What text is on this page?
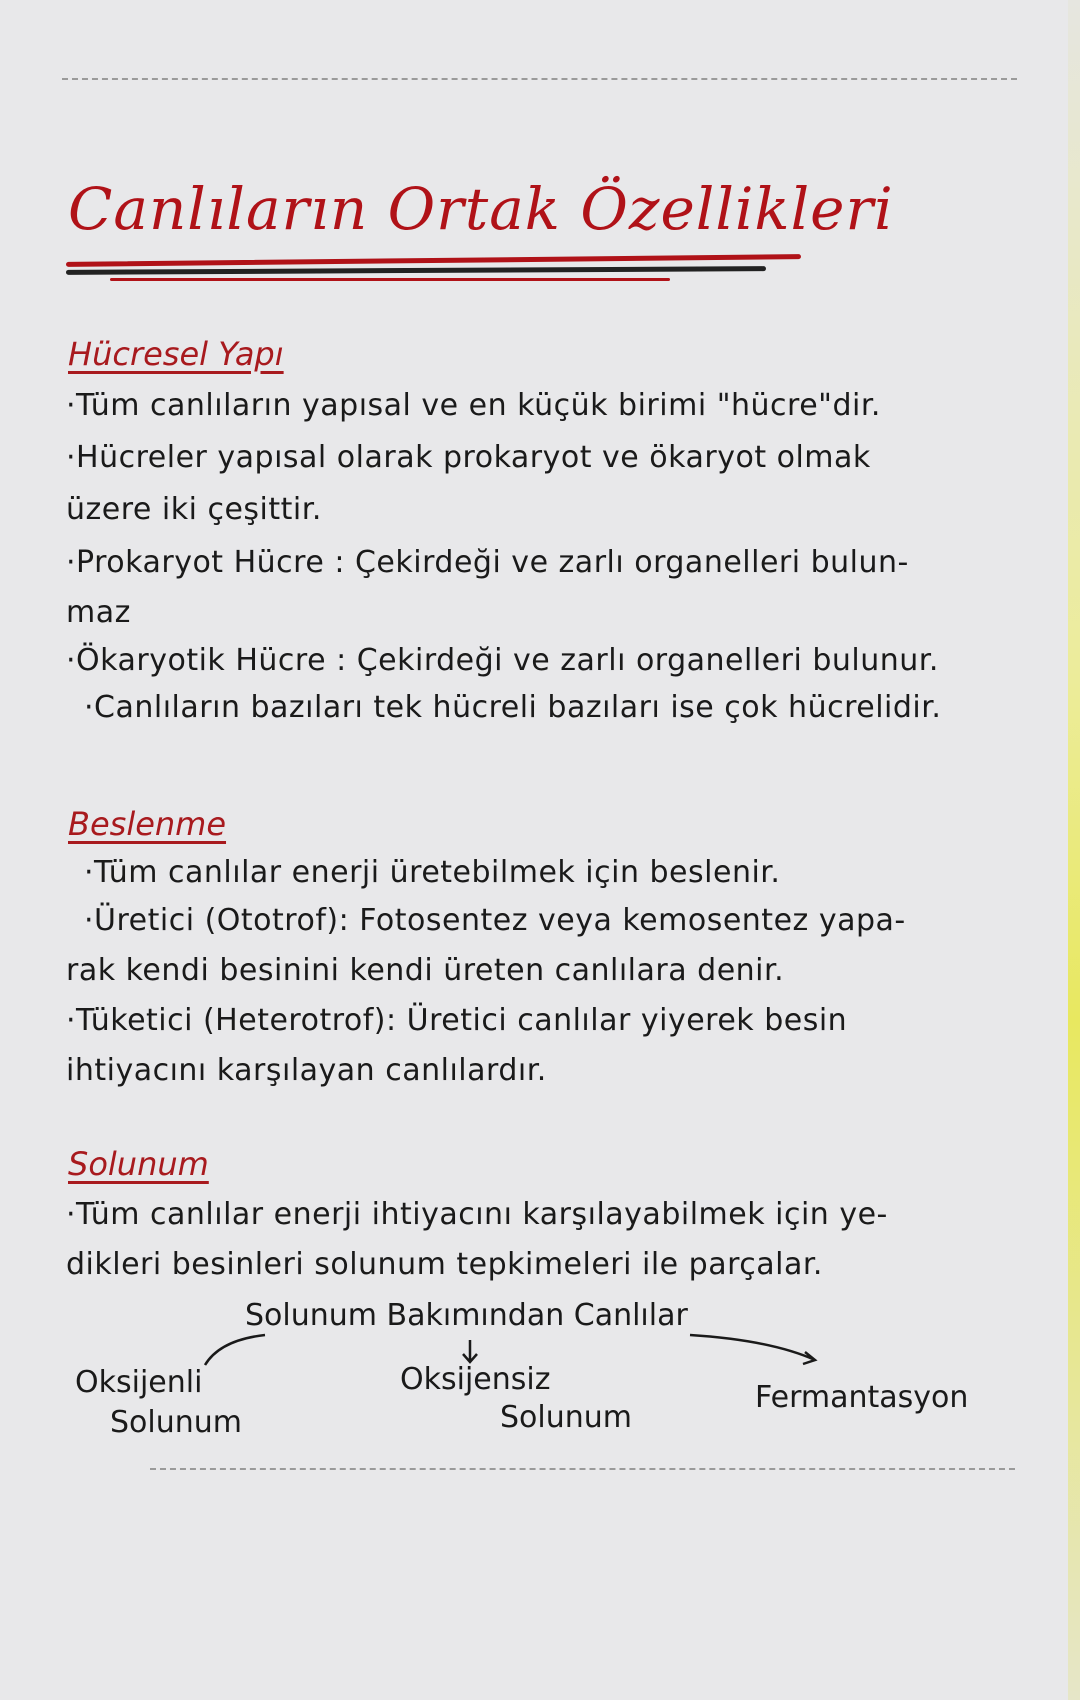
Canlıların Ortak Özellikleri
Hücresel Yapı
·Tüm canlıların yapısal ve en küçük birimi "hücre"dir.
·Hücreler yapısal olarak prokaryot ve ökaryot olmak
üzere iki çeşittir.
·Prokaryot Hücre : Çekirdeği ve zarlı organelleri bulun-
maz
·Ökaryotik Hücre : Çekirdeği ve zarlı organelleri bulunur.
·Canlıların bazıları tek hücreli bazıları ise çok hücrelidir.
Beslenme
·Tüm canlılar enerji üretebilmek için beslenir.
·Üretici (Ototrof): Fotosentez veya kemosentez yapa-
rak kendi besinini kendi üreten canlılara denir.
·Tüketici (Heterotrof): Üretici canlılar yiyerek besin
ihtiyacını karşılayan canlılardır.
Solunum
·Tüm canlılar enerji ihtiyacını karşılayabilmek için ye-
dikleri besinleri solunum tepkimeleri ile parçalar.
Solunum Bakımından Canlılar
Oksijenli
Solunum
Oksijensiz
Solunum
Fermantasyon
